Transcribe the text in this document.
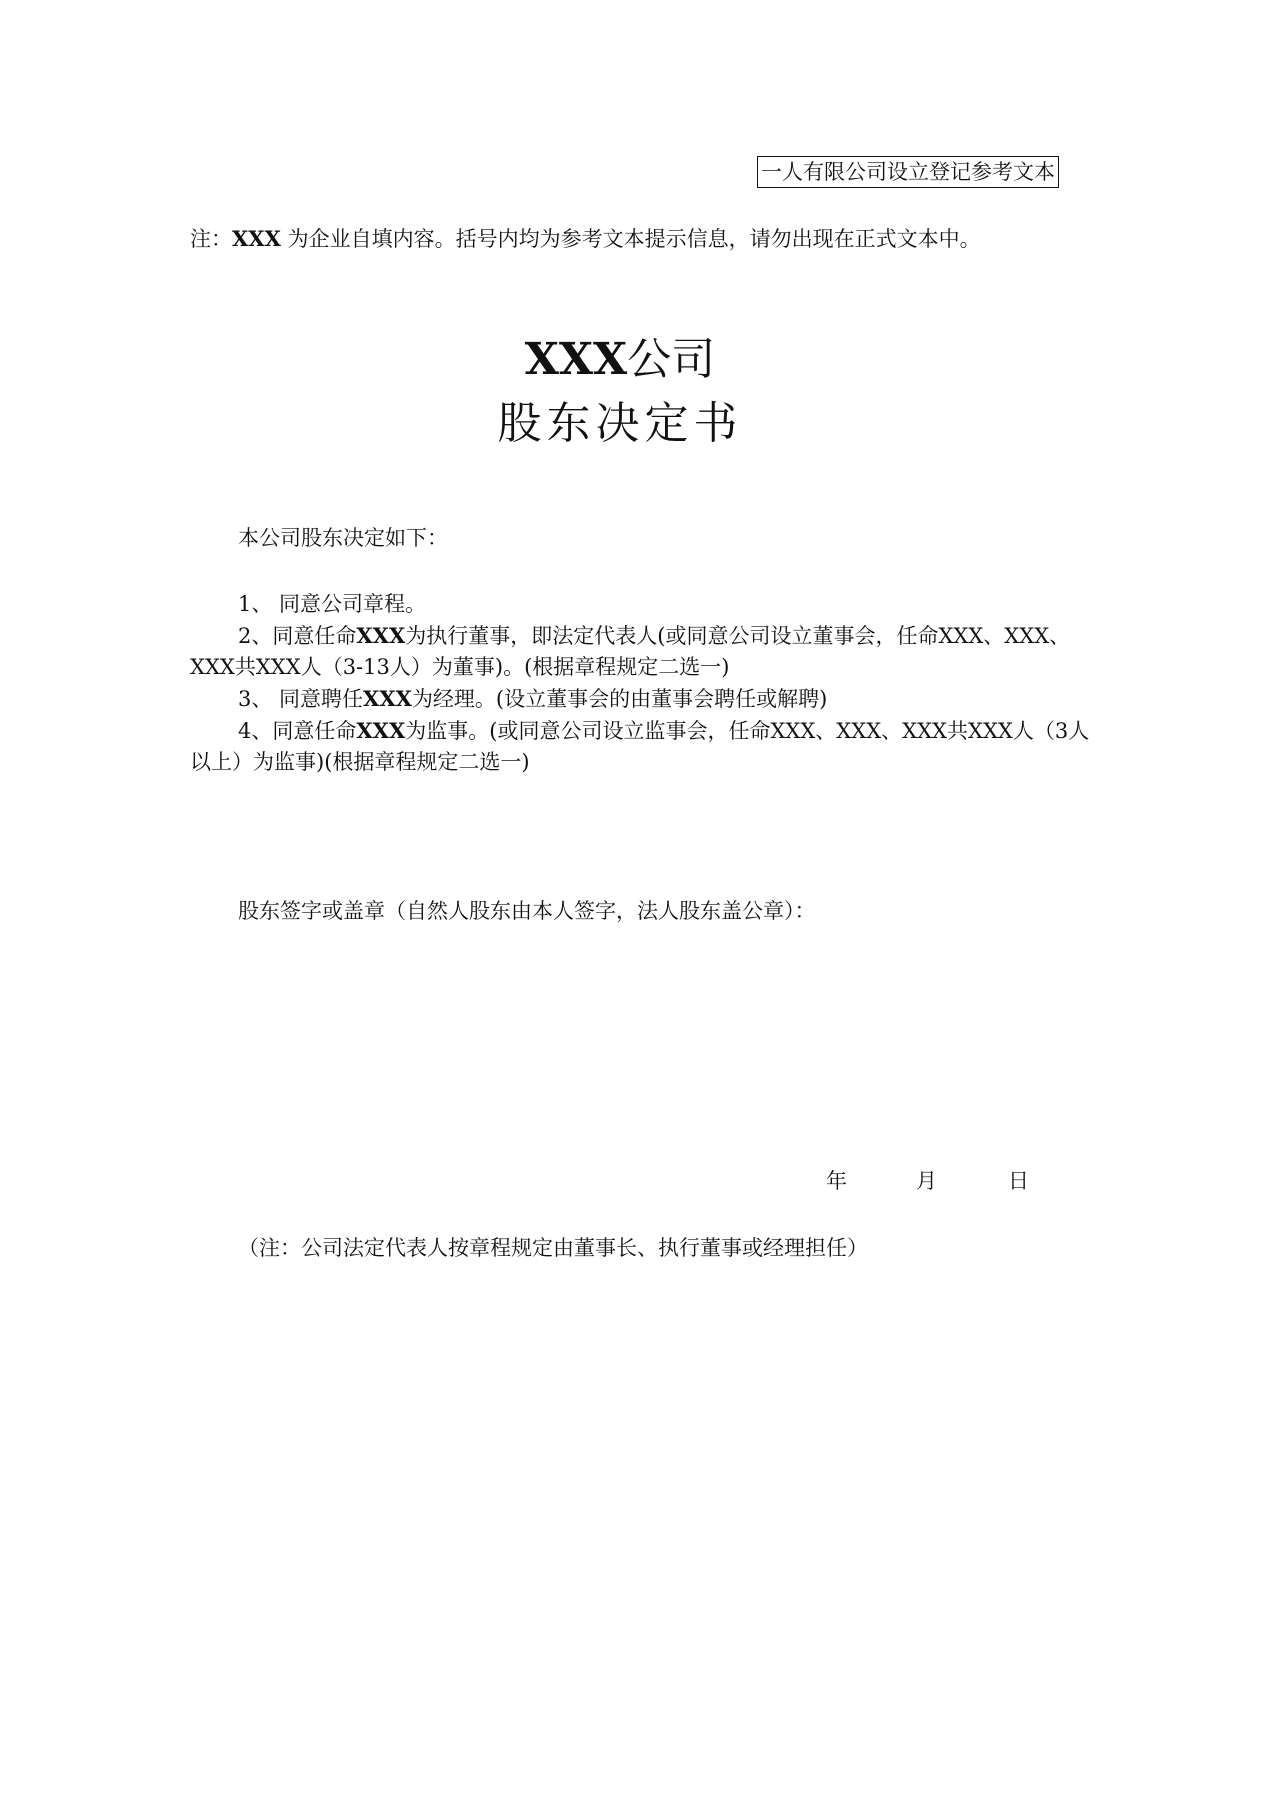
一人有限公司设立登记参考文本
注：XXX 为企业自填内容。括号内均为参考文本提示信息，请勿出现在正式文本中。
XXX公司
股东决定书
本公司股东决定如下：

1、 同意公司章程。

2、同意任命XXX为执行董事，即法定代表人(或同意公司设立董事会，任命XXX、XXX、XXX共XXX人（3-13人）为董事)。(根据章程规定二选一)

3、 同意聘任XXX为经理。(设立董事会的由董事会聘任或解聘)

4、同意任命XXX为监事。(或同意公司设立监事会，任命XXX、XXX、XXX共XXX人（3人以上）为监事)(根据章程规定二选一)

股东签字或盖章（自然人股东由本人签字，法人股东盖公章）：
年	月	日
（注：公司法定代表人按章程规定由董事长、执行董事或经理担任）
